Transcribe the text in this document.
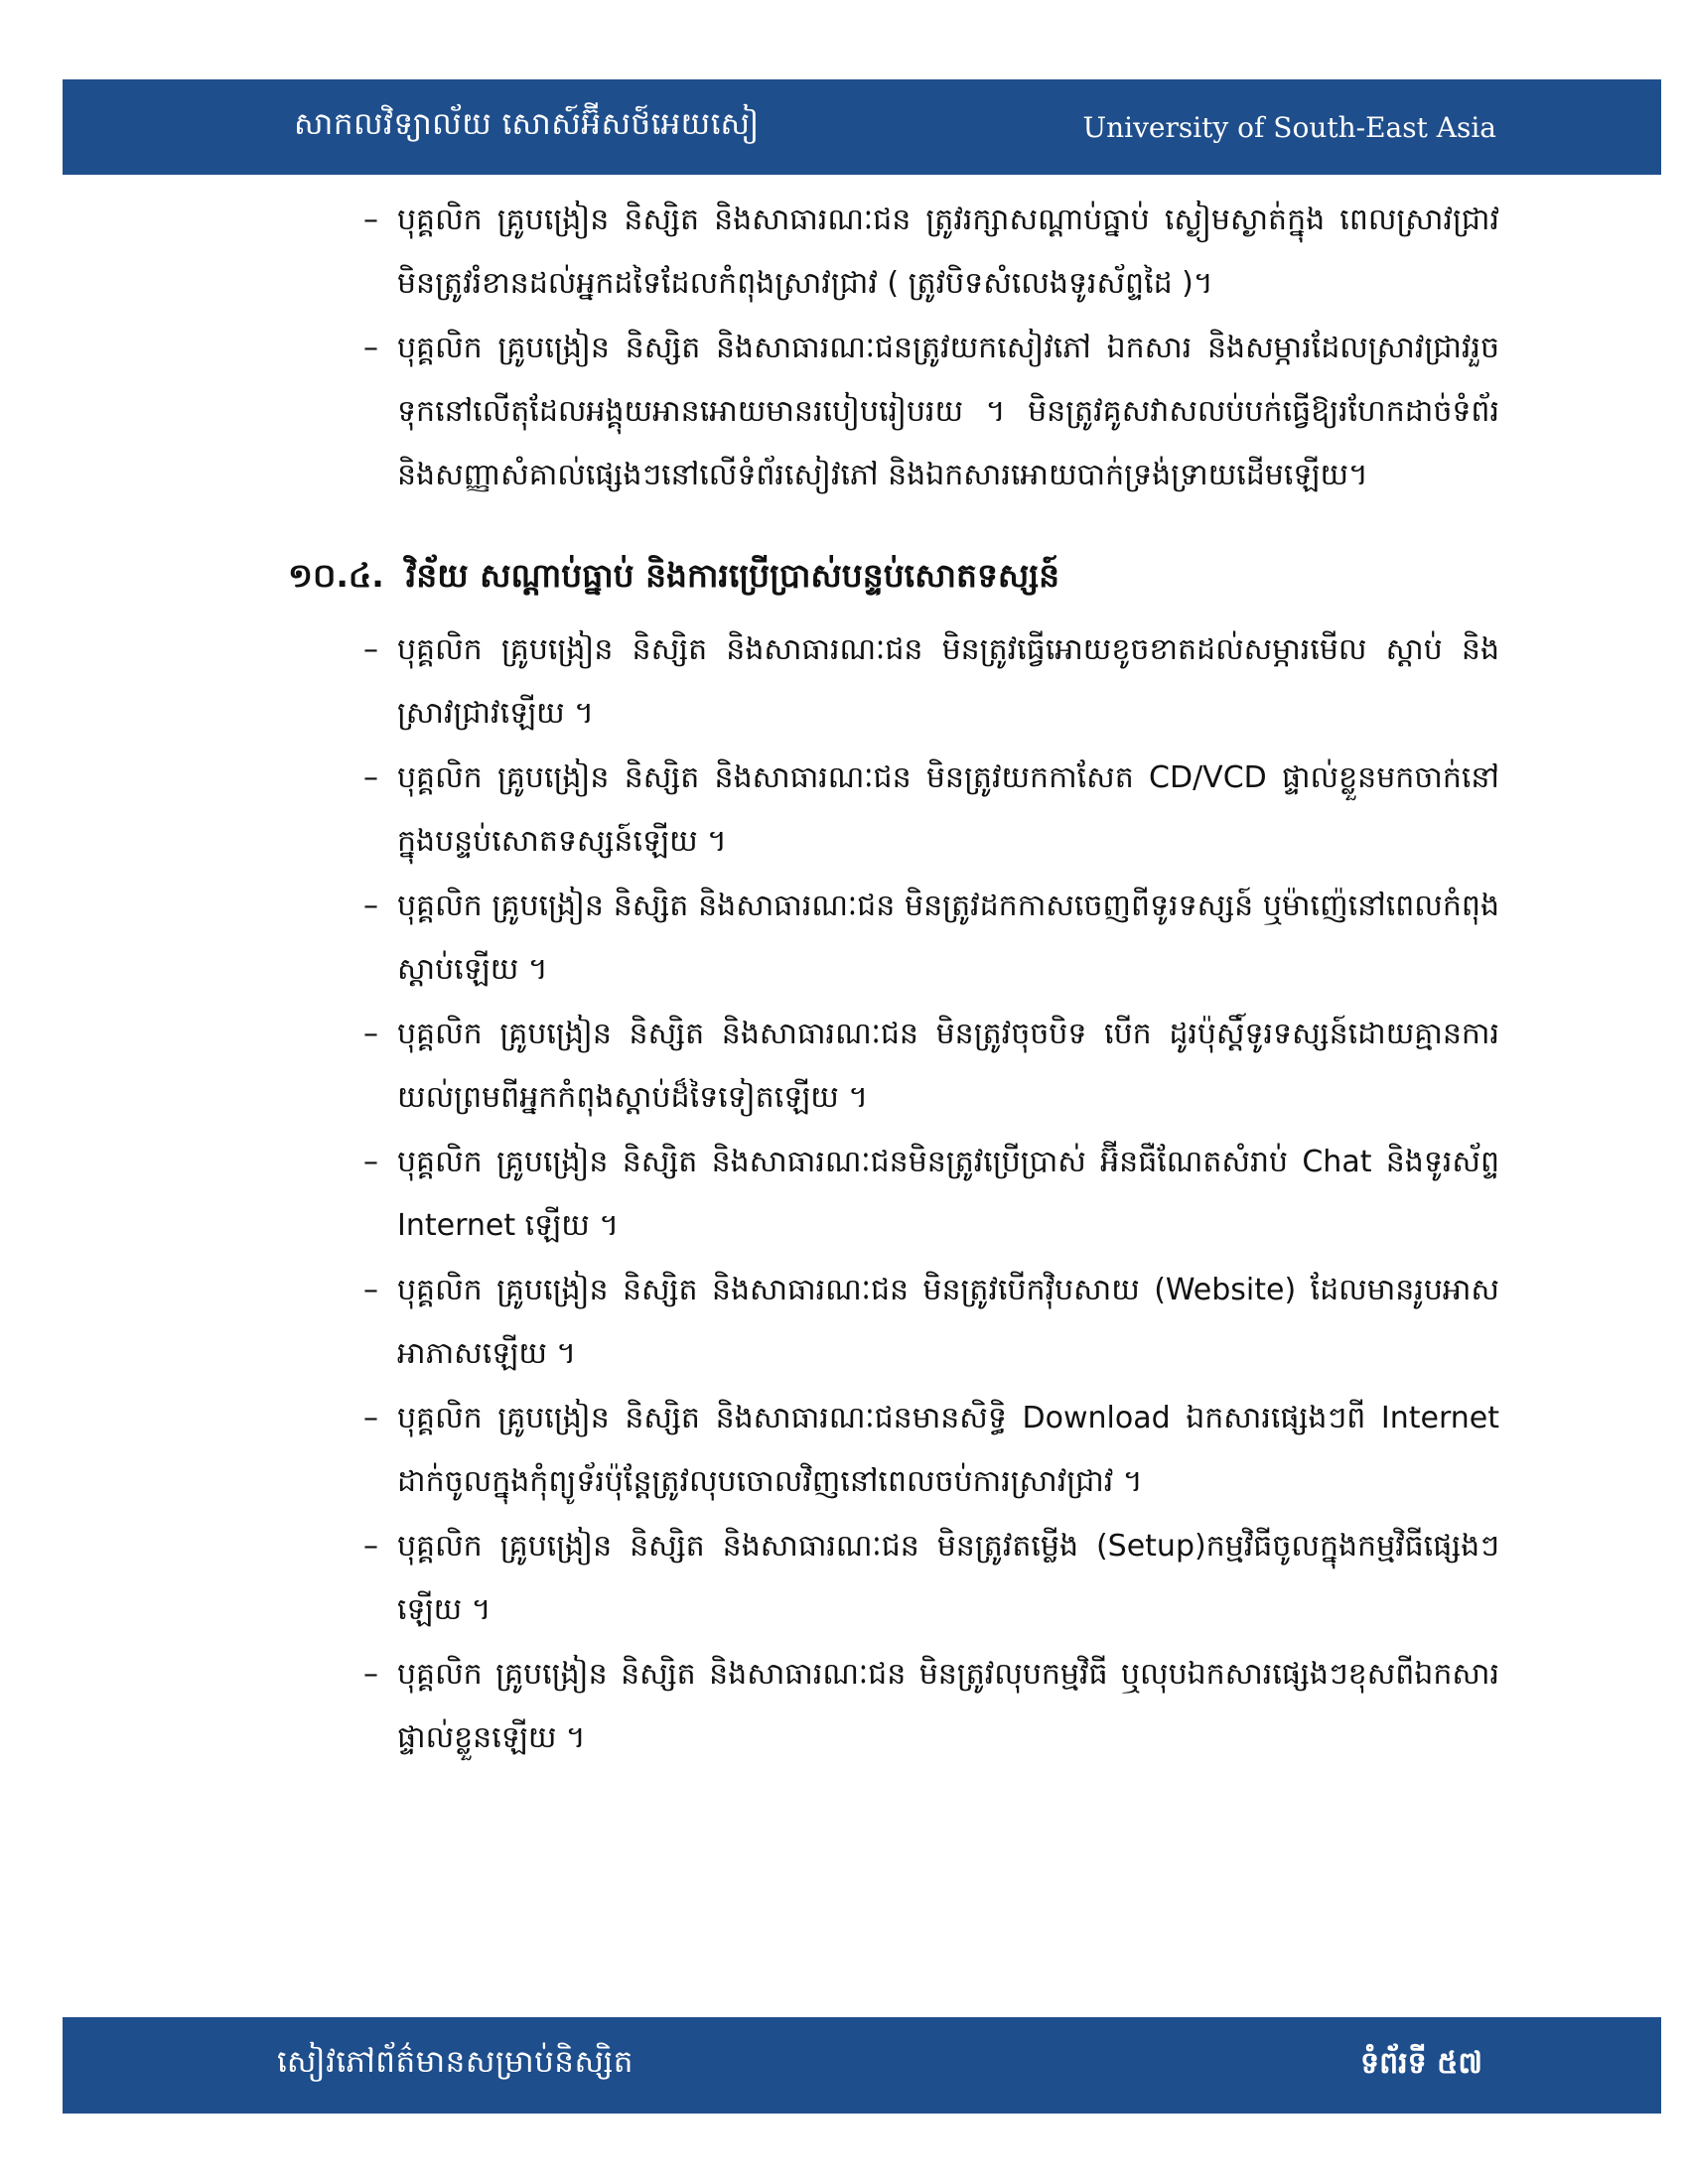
សាកលវិទ្យាល័យ សោស៍អ៊ីសថ៍អេយសៀ	University of South-East Asia
– បុគ្គលិក គ្រូបង្រៀន និស្សិត និងសាធារណៈជន ត្រូវរក្សាសណ្ដាប់ធ្នាប់ ស្ងៀមស្ងាត់ក្នុង ពេលស្រាវជ្រាវមិនត្រូវរំខានដល់អ្នកដទៃដែលកំពុងស្រាវជ្រាវ ( ត្រូវបិទសំលេងទូរស័ព្ទដៃ )។
– បុគ្គលិក គ្រូបង្រៀន និស្សិត និងសាធារណៈជនត្រូវយកសៀវភៅ ឯកសារ និងសម្ភារដែលស្រាវជ្រាវរួចទុកនៅលើតុដែលអង្គុយអានអោយមានរបៀបរៀបរយ ។ មិនត្រូវគូសវាសលប់បក់ធ្វើឱ្យរហែកដាច់ទំព័រ និងសញ្ញាសំគាល់ផ្សេងៗនៅលើទំព័រសៀវភៅ និងឯកសារអោយបាក់ទ្រង់ទ្រាយដើមឡើយ។
១០.៤. វិន័យ សណ្ដាប់ធ្នាប់ និងការប្រើប្រាស់បន្ទប់សោតទស្សន៍
– បុគ្គលិក គ្រូបង្រៀន និស្សិត និងសាធារណៈជន មិនត្រូវធ្វើអោយខូចខាតដល់សម្ភារមើល ស្ដាប់ និងស្រាវជ្រាវឡើយ ។
– បុគ្គលិក គ្រូបង្រៀន និស្សិត និងសាធារណៈជន មិនត្រូវយកកាសែត CD/VCD ផ្ទាល់ខ្លួនមកចាក់នៅក្នុងបន្ទប់សោតទស្សន៍ឡើយ ។
– បុគ្គលិក គ្រូបង្រៀន និស្សិត និងសាធារណៈជន មិនត្រូវដកកាសចេញពីទូរទស្សន៍ ឬម៉ាញ៉េនៅពេលកំពុងស្ដាប់ឡើយ ។
– បុគ្គលិក គ្រូបង្រៀន និស្សិត និងសាធារណៈជន មិនត្រូវចុចបិទ បើក ដូរប៉ុស្ដិ៍ទូរទស្សន៍ដោយគ្មានការយល់ព្រមពីអ្នកកំពុងស្ដាប់ដ៏ទៃទៀតឡើយ ។
– បុគ្គលិក គ្រូបង្រៀន និស្សិត និងសាធារណៈជនមិនត្រូវប្រើប្រាស់ អ៊ីនធឺណែតសំរាប់ Chat និងទូរស័ព្ទ Internet ឡើយ ។
– បុគ្គលិក គ្រូបង្រៀន និស្សិត និងសាធារណៈជន មិនត្រូវបើកវ៉ិបសាយ (Website) ដែលមានរូបអាសអាភាសឡើយ ។
– បុគ្គលិក គ្រូបង្រៀន និស្សិត និងសាធារណៈជនមានសិទ្ធិ Download ឯកសារផ្សេងៗពី Internet ដាក់ចូលក្នុងកុំព្យូទ័រប៉ុន្តែត្រូវលុបចោលវិញនៅពេលចប់ការស្រាវជ្រាវ ។
– បុគ្គលិក គ្រូបង្រៀន និស្សិត និងសាធារណៈជន មិនត្រូវតម្លើង (Setup)កម្មវិធីចូលក្នុងកម្មវិធីផ្សេងៗឡើយ ។
– បុគ្គលិក គ្រូបង្រៀន និស្សិត និងសាធារណៈជន មិនត្រូវលុបកម្មវិធី ឬលុបឯកសារផ្សេងៗខុសពីឯកសារផ្ទាល់ខ្លួនឡើយ ។
សៀវភៅព័ត៌មានសម្រាប់និស្សិត	ទំព័រទី ៥៧
